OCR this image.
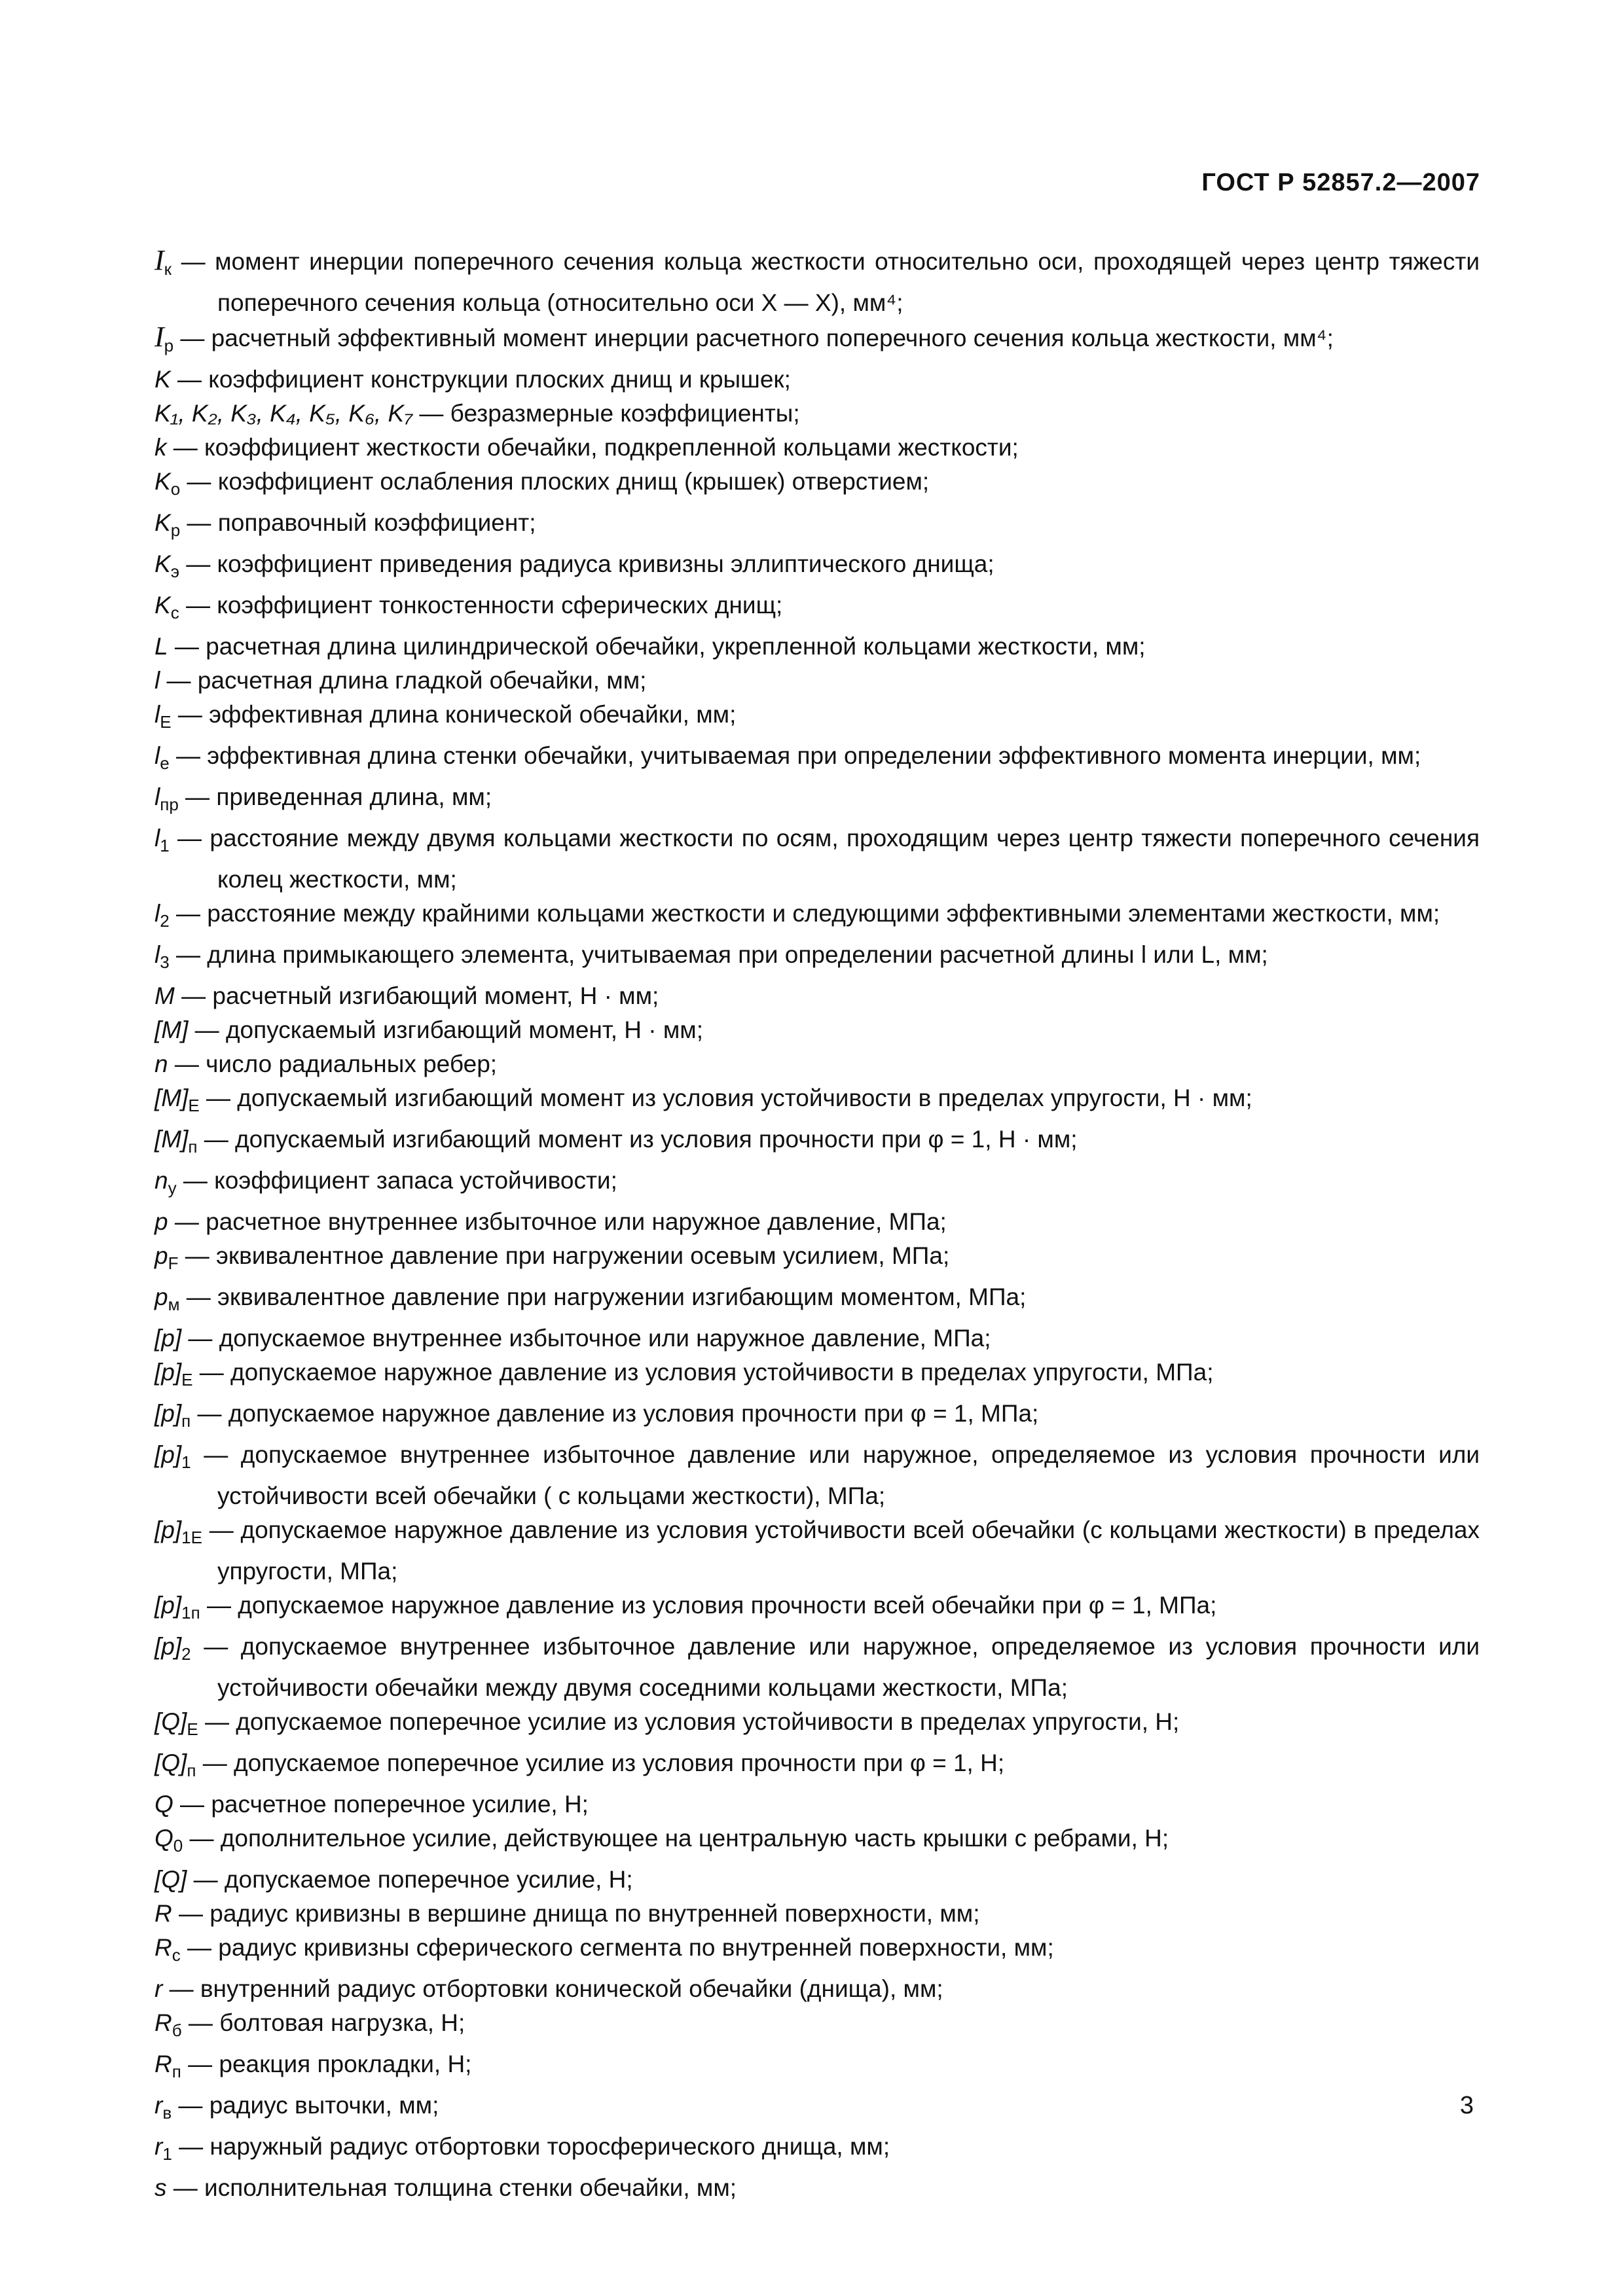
ГОСТ Р 52857.2—2007
$I_к$ — момент инерции поперечного сечения кольца жесткости относительно оси, проходящей через центр тяжести поперечного сечения кольца (относительно оси X — X), мм⁴;
$I_р$ — расчетный эффективный момент инерции расчетного поперечного сечения кольца жесткости, мм⁴;
K — коэффициент конструкции плоских днищ и крышек;
K₁, K₂, K₃, K₄, K₅, K₆, K₇ — безразмерные коэффициенты;
k — коэффициент жесткости обечайки, подкрепленной кольцами жесткости;
$K_о$ — коэффициент ослабления плоских днищ (крышек) отверстием;
$K_р$ — поправочный коэффициент;
$K_э$ — коэффициент приведения радиуса кривизны эллиптического днища;
$K_с$ — коэффициент тонкостенности сферических днищ;
L — расчетная длина цилиндрической обечайки, укрепленной кольцами жесткости, мм;
l — расчетная длина гладкой обечайки, мм;
$l_E$ — эффективная длина конической обечайки, мм;
$l_e$ — эффективная длина стенки обечайки, учитываемая при определении эффективного момента инерции, мм;
$l_{пр}$ — приведенная длина, мм;
$l_1$ — расстояние между двумя кольцами жесткости по осям, проходящим через центр тяжести поперечного сечения колец жесткости, мм;
$l_2$ — расстояние между крайними кольцами жесткости и следующими эффективными элементами жесткости, мм;
$l_3$ — длина примыкающего элемента, учитываемая при определении расчетной длины l или L, мм;
M — расчетный изгибающий момент, Н · мм;
[M] — допускаемый изгибающий момент, Н · мм;
n — число радиальных ребер;
$[M]_E$ — допускаемый изгибающий момент из условия устойчивости в пределах упругости, Н · мм;
$[M]_п$ — допускаемый изгибающий момент из условия прочности при φ = 1, Н · мм;
$n_у$ — коэффициент запаса устойчивости;
p — расчетное внутреннее избыточное или наружное давление, МПа;
$p_F$ — эквивалентное давление при нагружении осевым усилием, МПа;
$p_м$ — эквивалентное давление при нагружении изгибающим моментом, МПа;
[p] — допускаемое внутреннее избыточное или наружное давление, МПа;
$[p]_E$ — допускаемое наружное давление из условия устойчивости в пределах упругости, МПа;
$[p]_п$ — допускаемое наружное давление из условия прочности при φ = 1, МПа;
$[p]_1$ — допускаемое внутреннее избыточное давление или наружное, определяемое из условия прочности или устойчивости всей обечайки ( с кольцами жесткости), МПа;
$[p]_{1E}$ — допускаемое наружное давление из условия устойчивости всей обечайки (с кольцами жесткости) в пределах упругости, МПа;
$[p]_{1п}$ — допускаемое наружное давление из условия прочности всей обечайки при φ = 1, МПа;
$[p]_2$ — допускаемое внутреннее избыточное давление или наружное, определяемое из условия прочности или устойчивости обечайки между двумя соседними кольцами жесткости, МПа;
$[Q]_E$ — допускаемое поперечное усилие из условия устойчивости в пределах упругости, Н;
$[Q]_п$ — допускаемое поперечное усилие из условия прочности при φ = 1, Н;
Q — расчетное поперечное усилие, Н;
$Q_0$ — дополнительное усилие, действующее на центральную часть крышки с ребрами, Н;
[Q] — допускаемое поперечное усилие, Н;
R — радиус кривизны в вершине днища по внутренней поверхности, мм;
$R_с$ — радиус кривизны сферического сегмента по внутренней поверхности, мм;
r — внутренний радиус отбортовки конической обечайки (днища), мм;
$R_б$ — болтовая нагрузка, Н;
$R_п$ — реакция прокладки, Н;
$r_в$ — радиус выточки, мм;
$r_1$ — наружный радиус отбортовки торосферического днища, мм;
s — исполнительная толщина стенки обечайки, мм;
3
